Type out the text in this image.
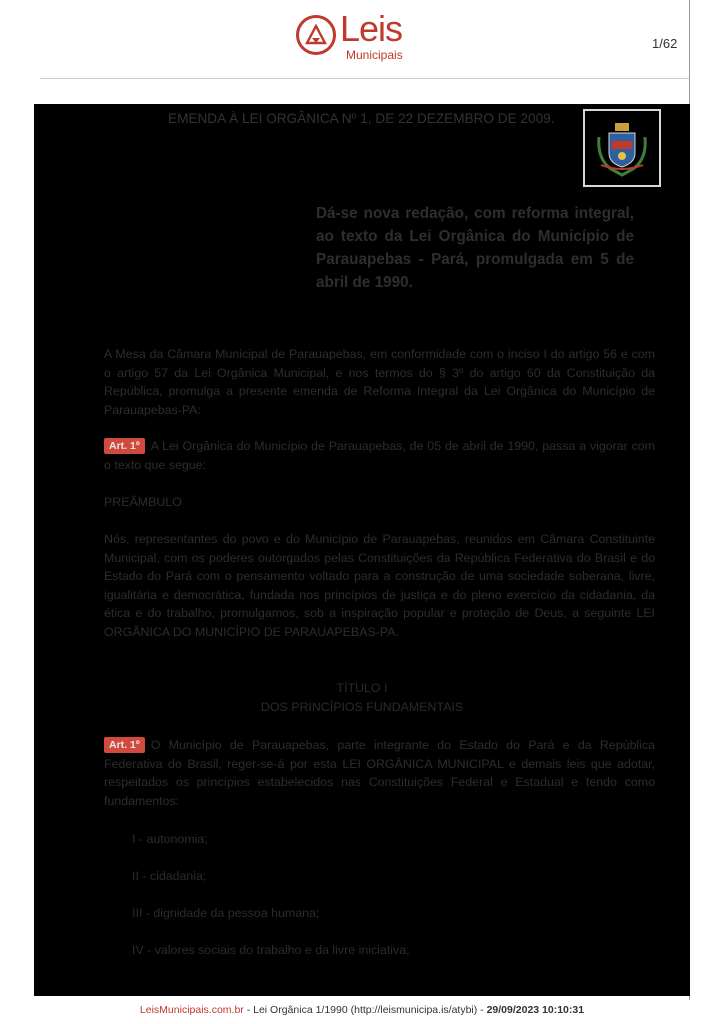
Leis
Municipais
1/62
EMENDA À LEI ORGÂNICA Nº 1, DE 22 DEZEMBRO DE 2009.
Dá-se nova redação, com reforma integral, ao texto da Lei Orgânica do Município de Parauapebas - Pará, promulgada em 5 de abril de 1990.
A Mesa da Câmara Municipal de Parauapebas, em conformidade com o inciso I do artigo 56 e com o artigo 57 da Lei Orgânica Municipal, e nos termos do § 3º do artigo 60 da Constituição da República, promulga a presente emenda de Reforma Integral da Lei Orgânica do Município de Parauapebas-PA:
Art. 1º A Lei Orgânica do Município de Parauapebas, de 05 de abril de 1990, passa a vigorar com o texto que segue:
PREÂMBULO
Nós, representantes do povo e do Município de Parauapebas, reunidos em Câmara Constituinte Municipal, com os poderes outorgados pelas Constituições da República Federativa do Brasil e do Estado do Pará com o pensamento voltado para a construção de uma sociedade soberana, livre, igualitária e democrática, fundada nos princípios de justiça e do pleno exercício da cidadania, da ética e do trabalho, promulgamos, sob a inspiração popular e proteção de Deus, a seguinte LEI ORGÂNICA DO MUNICÍPIO DE PARAUAPEBAS-PA.
TÍTULO I
DOS PRINCÍPIOS FUNDAMENTAIS
Art. 1º O Município de Parauapebas, parte integrante do Estado do Pará e da República Federativa do Brasil, reger-se-á por esta LEI ORGÂNICA MUNICIPAL e demais leis que adotar, respeitados os princípios estabelecidos nas Constituições Federal e Estadual e tendo como fundamentos:
I - autonomia;
II - cidadania;
III - dignidade da pessoa humana;
IV - valores sociais do trabalho e da livre iniciativa;
LeisMunicipais.com.br - Lei Orgânica 1/1990 (http://leismunicipa.is/atybi) - 29/09/2023 10:10:31
